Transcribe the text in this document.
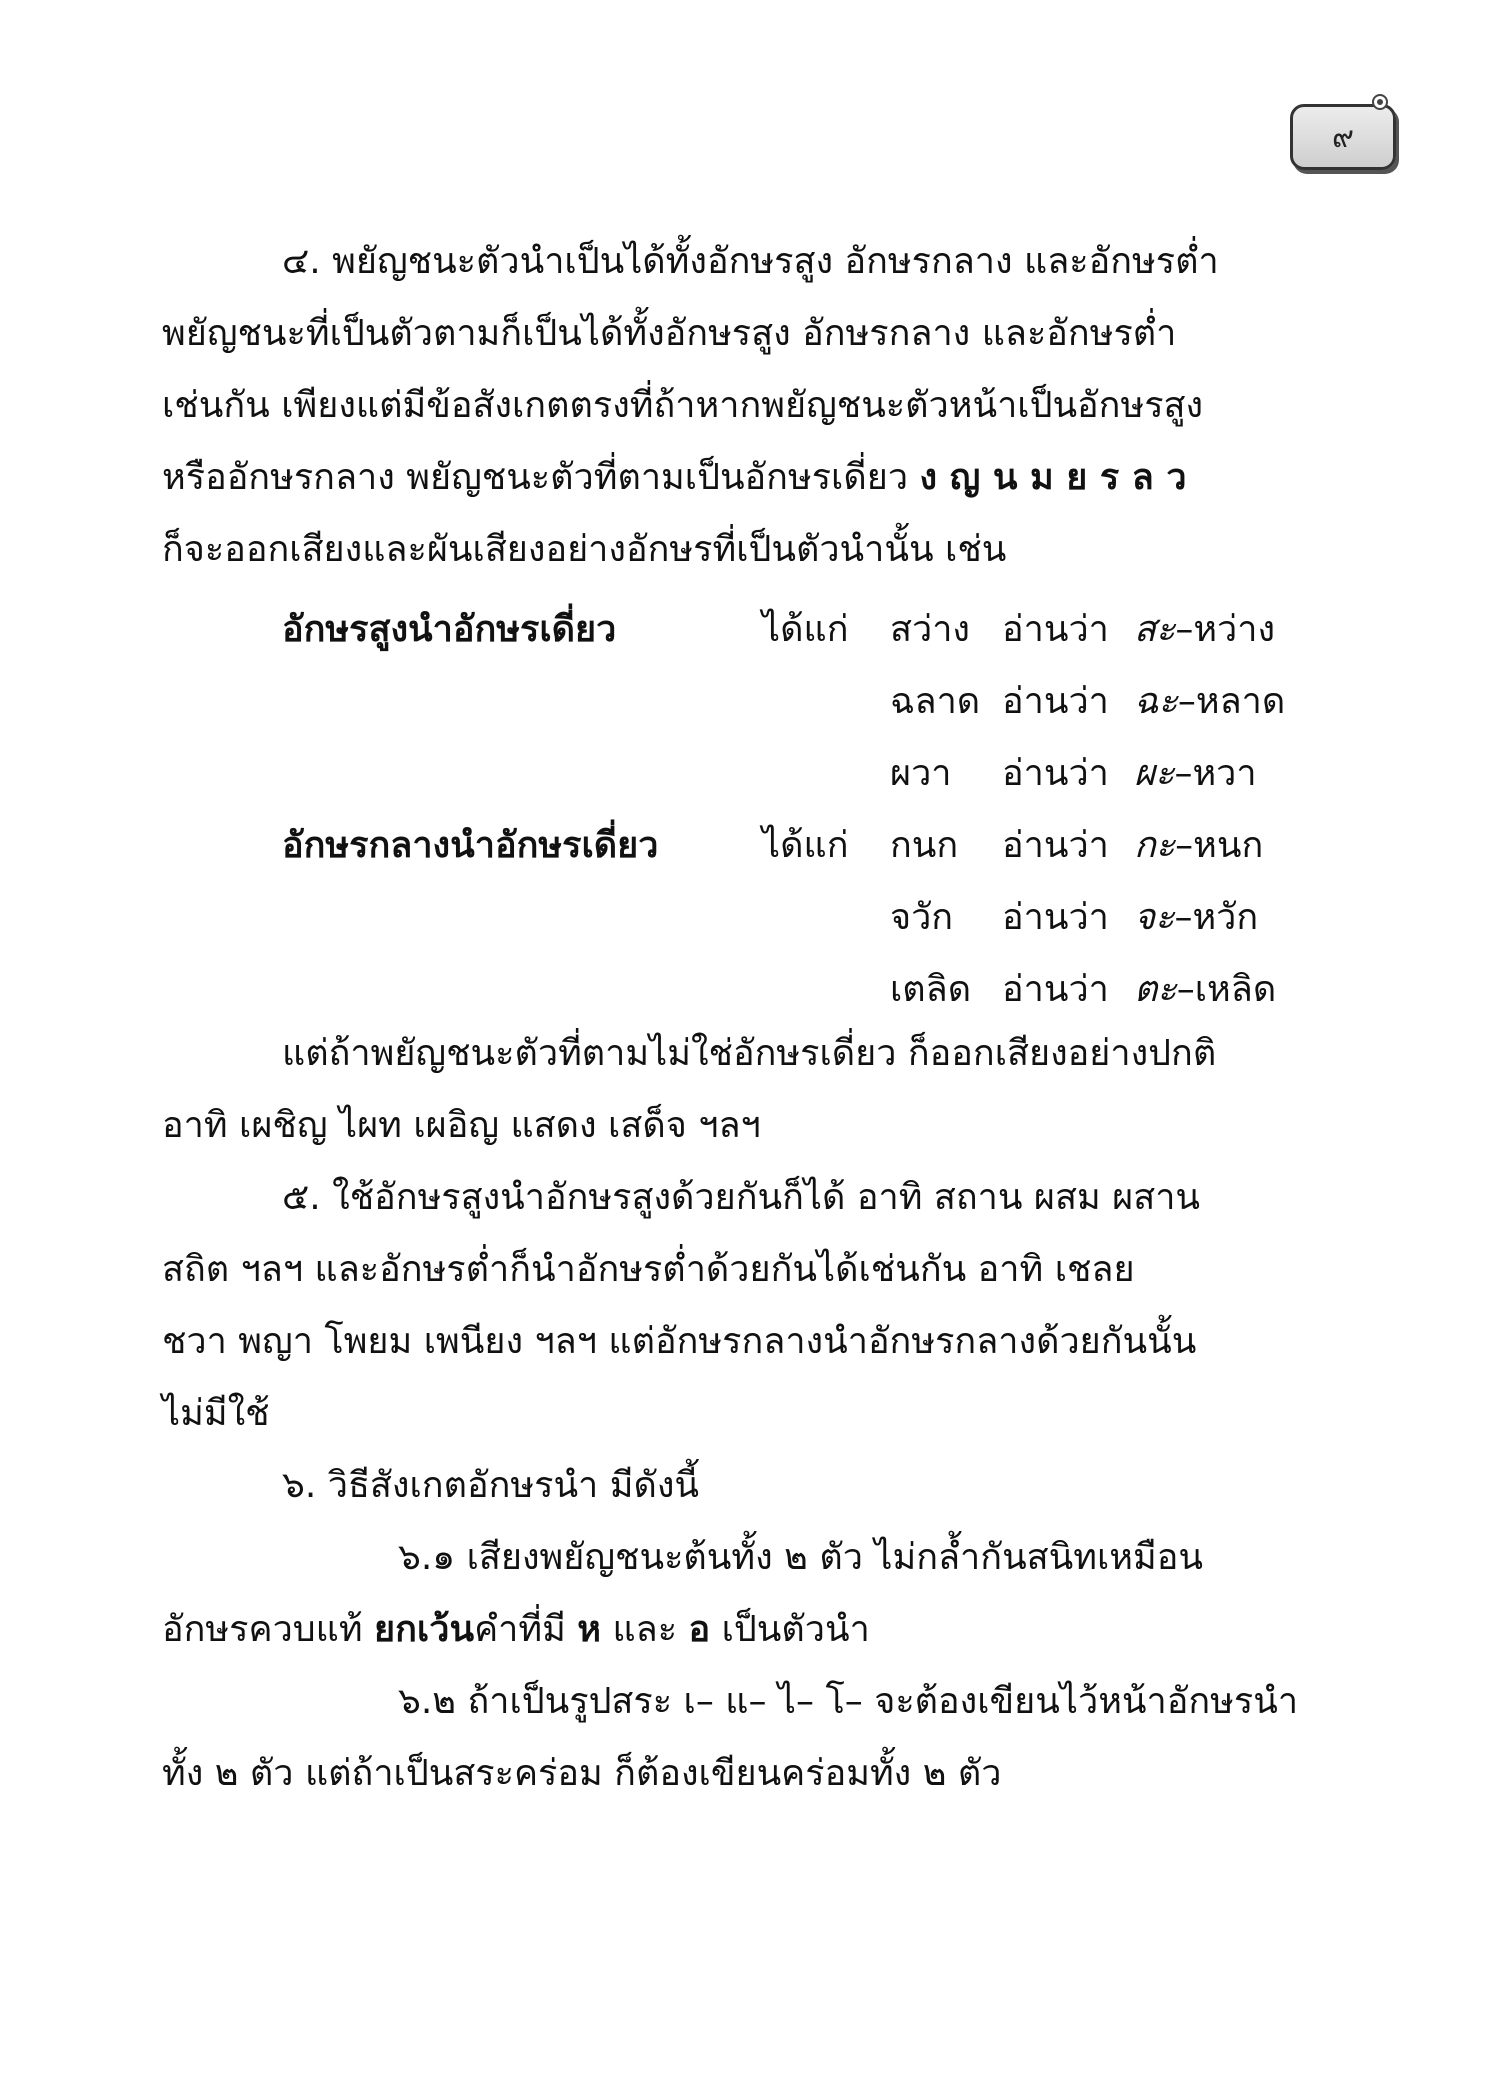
๙
๔. พยัญชนะตัวนำเป็นได้ทั้งอักษรสูง อักษรกลาง และอักษรต่ำ
พยัญชนะที่เป็นตัวตามก็เป็นได้ทั้งอักษรสูง อักษรกลาง และอักษรต่ำ
เช่นกัน เพียงแต่มีข้อสังเกตตรงที่ถ้าหากพยัญชนะตัวหน้าเป็นอักษรสูง
หรืออักษรกลาง พยัญชนะตัวที่ตามเป็นอักษรเดี่ยว ง ญ น ม ย ร ล ว
ก็จะออกเสียงและผันเสียงอย่างอักษรที่เป็นตัวนำนั้น เช่น
อักษรสูงนำอักษรเดี่ยว	ได้แก่ สว่าง อ่านว่า สะ–หว่าง
ฉลาด อ่านว่า ฉะ–หลาด
ผวา อ่านว่า ผะ–หวา
อักษรกลางนำอักษรเดี่ยว	ได้แก่ กนก อ่านว่า กะ–หนก
จวัก อ่านว่า จะ–หวัก
เตลิด อ่านว่า ตะ–เหลิด
แต่ถ้าพยัญชนะตัวที่ตามไม่ใช่อักษรเดี่ยว ก็ออกเสียงอย่างปกติ
อาทิ เผชิญ ไผท เผอิญ แสดง เสด็จ ฯลฯ
๕. ใช้อักษรสูงนำอักษรสูงด้วยกันก็ได้ อาทิ สถาน ผสม ผสาน
สถิต ฯลฯ และอักษรต่ำก็นำอักษรต่ำด้วยกันได้เช่นกัน อาทิ เชลย
ชวา พญา โพยม เพนียง ฯลฯ แต่อักษรกลางนำอักษรกลางด้วยกันนั้น
ไม่มีใช้
๖. วิธีสังเกตอักษรนำ มีดังนี้
๖.๑ เสียงพยัญชนะต้นทั้ง ๒ ตัว ไม่กล้ำกันสนิทเหมือน
อักษรควบแท้ ยกเว้นคำที่มี ห และ อ เป็นตัวนำ
๖.๒ ถ้าเป็นรูปสระ เ– แ– ไ– โ– จะต้องเขียนไว้หน้าอักษรนำ
ทั้ง ๒ ตัว แต่ถ้าเป็นสระคร่อม ก็ต้องเขียนคร่อมทั้ง ๒ ตัว
